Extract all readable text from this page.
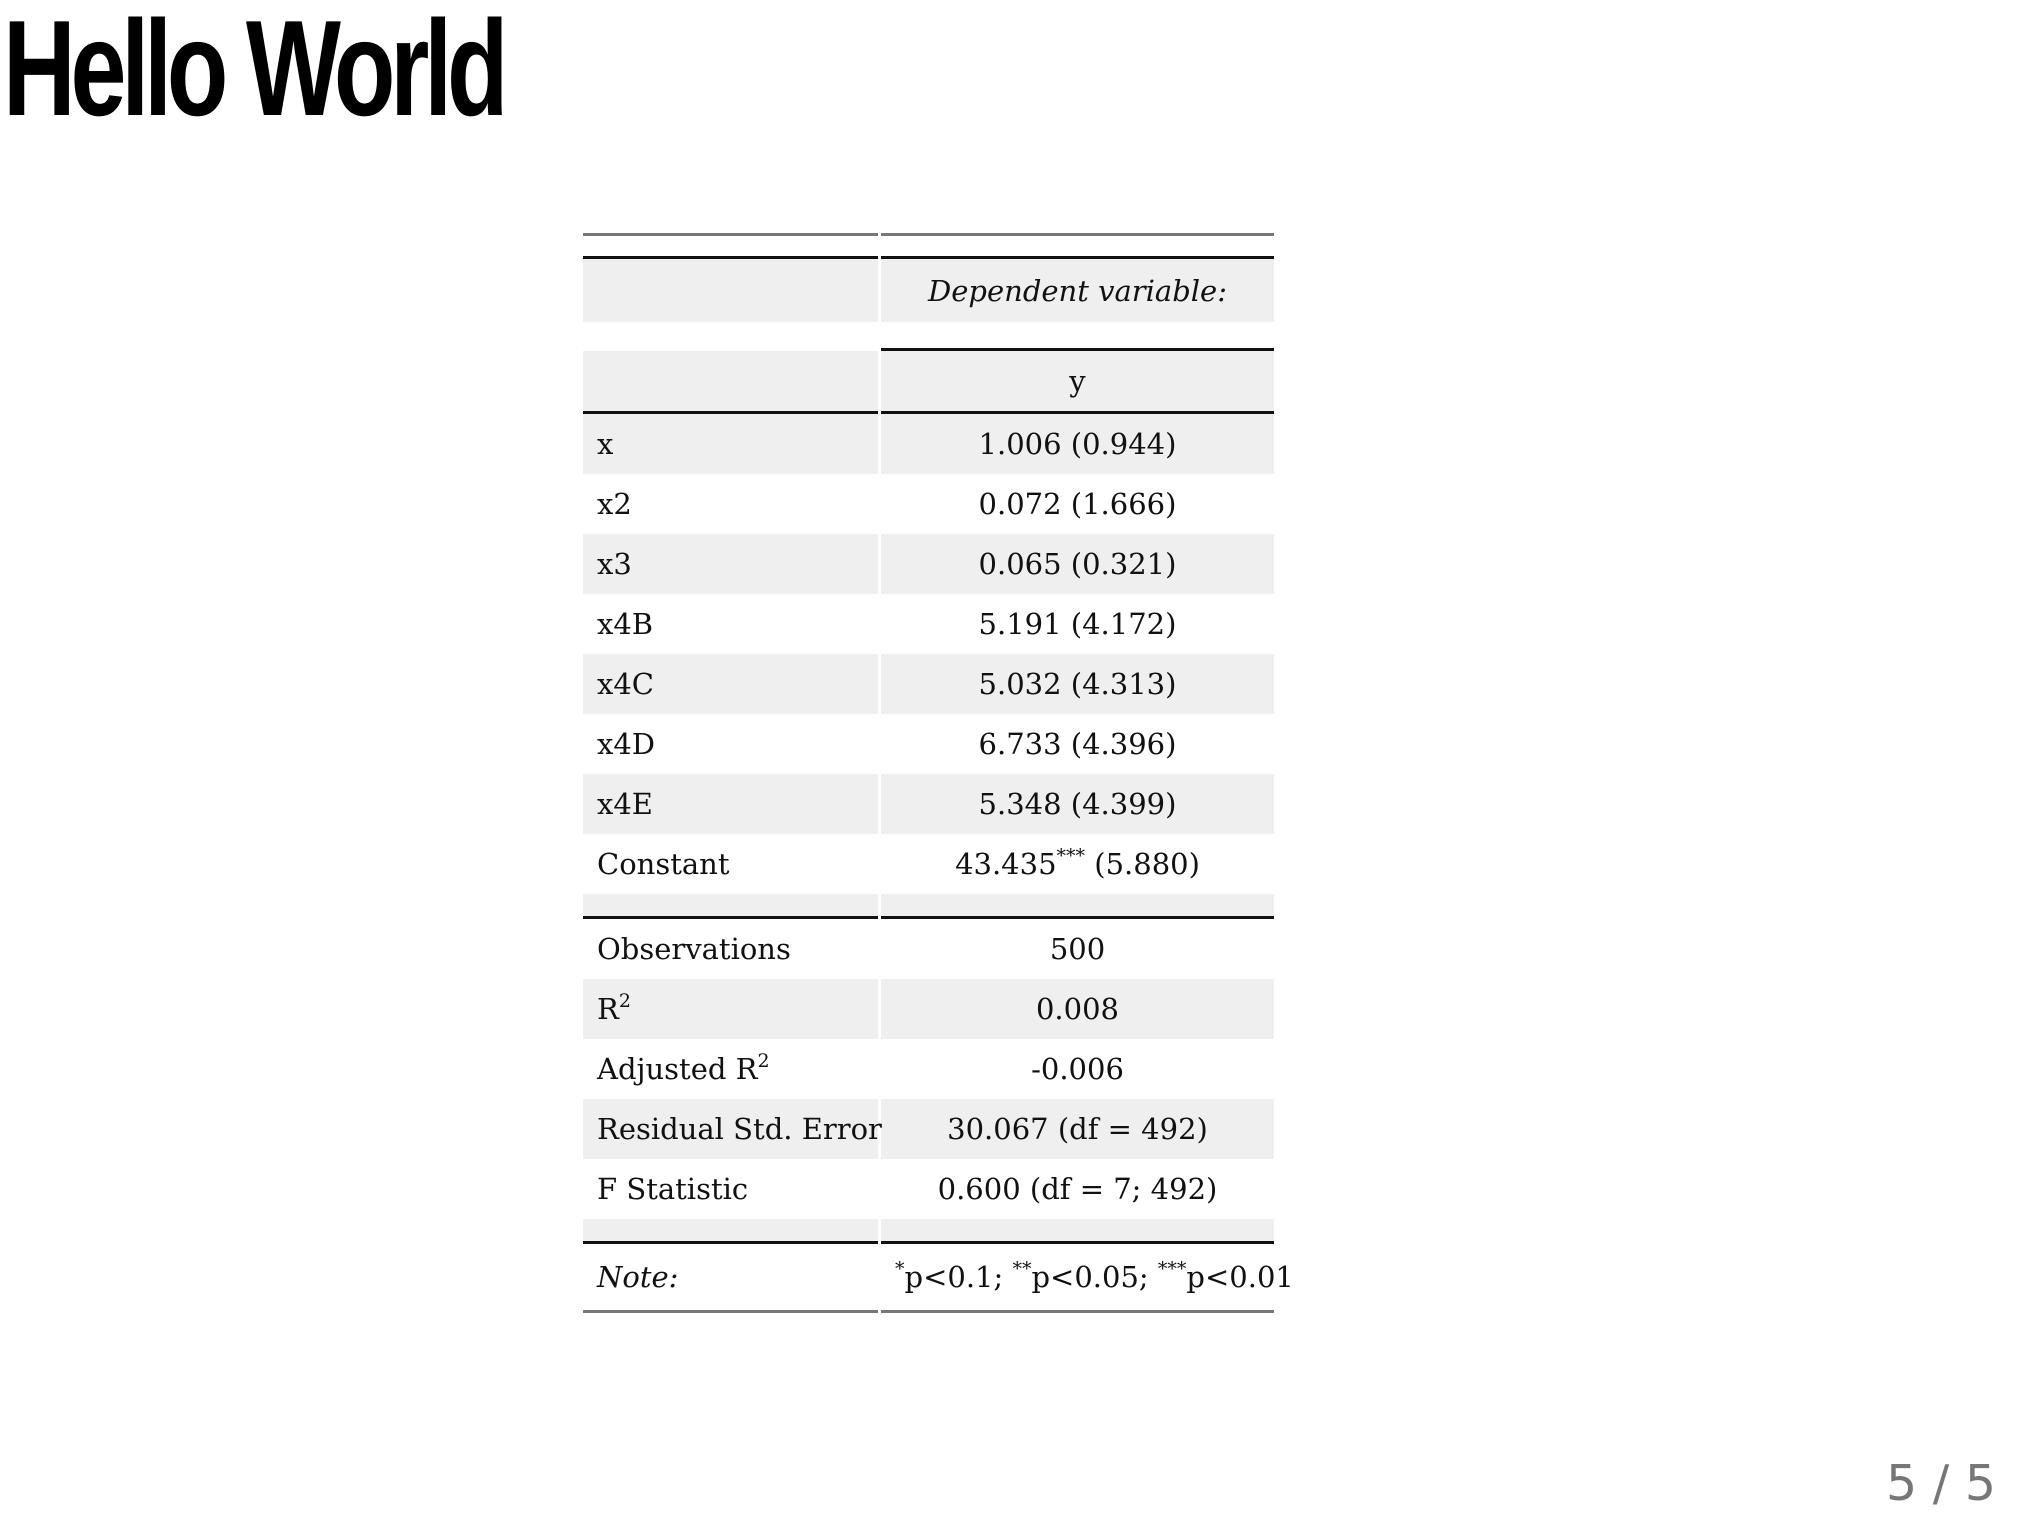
Hello World

	Dependent variable:

	y
x	1.006 (0.944)
x2	0.072 (1.666)
x3	0.065 (0.321)
x4B	5.191 (4.172)
x4C	5.032 (4.313)
x4D	6.733 (4.396)
x4E	5.348 (4.399)
Constant	43.435*** (5.880)

Observations	500
$R^2$	0.008
Adjusted $R^2$	-0.006
Residual Std. Error	30.067 (df = 492)
F Statistic	0.600 (df = 7; 492)

Note:	*p<0.1; **p<0.05; ***p<0.01
5 / 5
